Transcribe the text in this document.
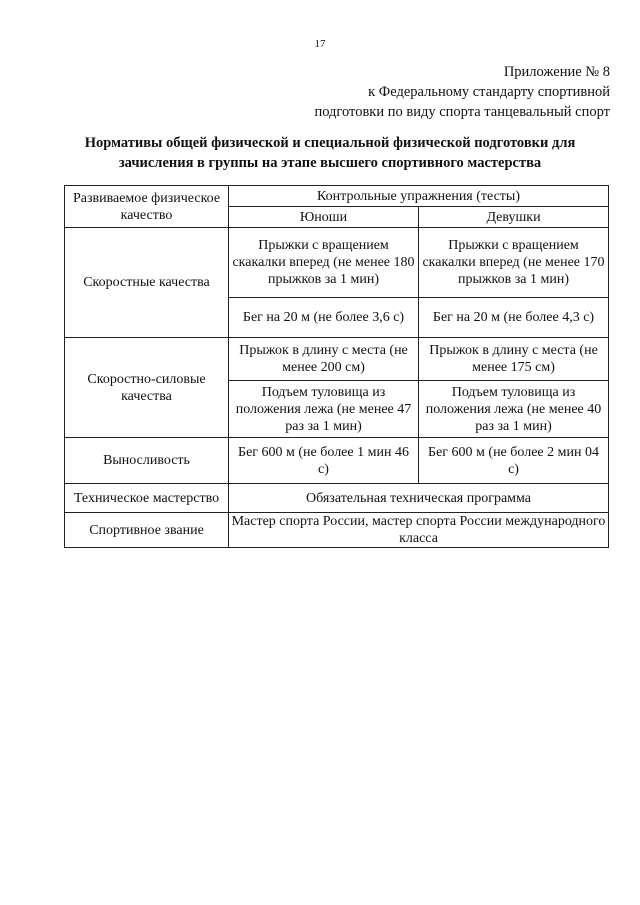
17
Приложение № 8
к Федеральному стандарту спортивной
подготовки по виду спорта танцевальный спорт
Нормативы общей физической и специальной физической подготовки для
зачисления в группы на этапе высшего спортивного мастерства
Развиваемое физическое качество	Контрольные упражнения (тесты)	
	Юноши	Девушки
Скоростные качества	Прыжки с вращением скакалки вперед (не менее 180 прыжков за 1 мин)	Прыжки с вращением скакалки вперед (не менее 170 прыжков за 1 мин)
	Бег на 20 м (не более 3,6 с)	Бег на 20 м (не более 4,3 с)
Скоростно-силовые качества	Прыжок в длину с места (не менее 200 см)	Прыжок в длину с места (не менее 175 см)
	Подъем туловища из положения лежа (не менее 47 раз за 1 мин)	Подъем туловища из положения лежа (не менее 40 раз за 1 мин)
Выносливость	Бег 600 м (не более 1 мин 46 с)	Бег 600 м (не более 2 мин 04 с)
Техническое мастерство	Обязательная техническая программа	
Спортивное звание	Мастер спорта России, мастер спорта России международного класса	
